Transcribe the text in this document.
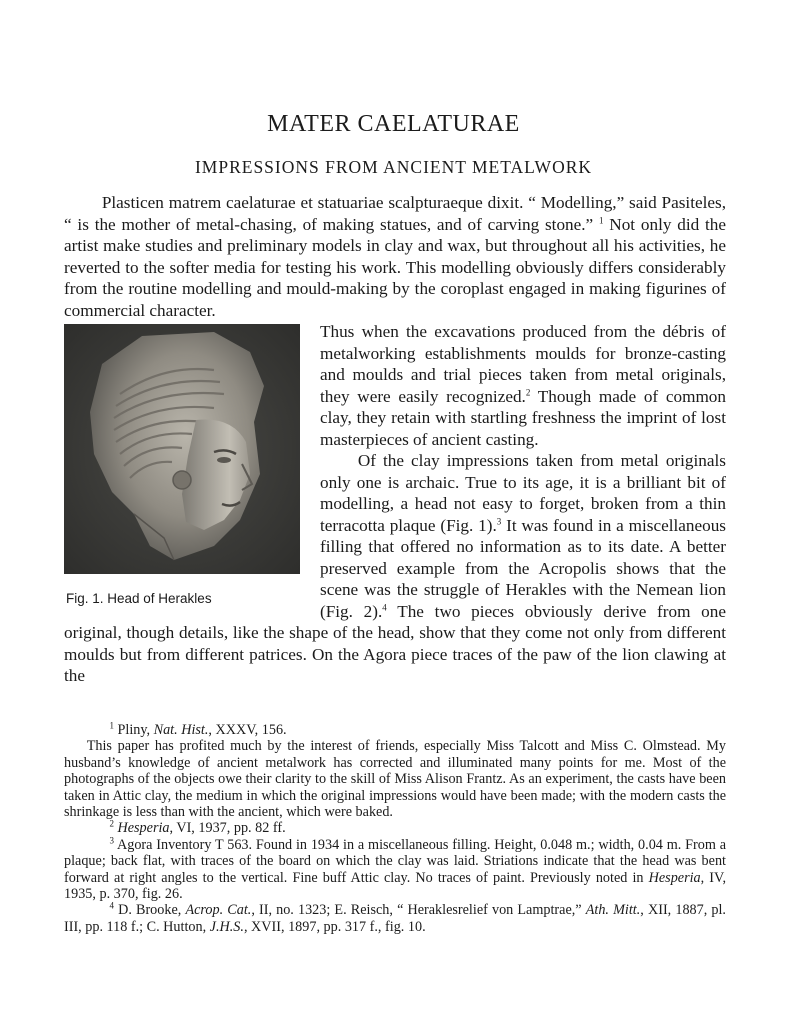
MATER CAELATURAE
IMPRESSIONS FROM ANCIENT METALWORK

Plasticen matrem caelaturae et statuariae scalpturaeque dixit. “ Modelling,” said Pasiteles, “ is the mother of metal-chasing, of making statues, and of carving stone.” $^1$ Not only did the artist make studies and preliminary models in clay and wax, but throughout all his activities, he reverted to the softer media for testing his work. This modelling obviously differs considerably from the routine modelling and mould-making by the coroplast engaged in making figurines of commercial character.

Fig. 1. Head of Herakles

Thus when the excavations produced from the débris of metalworking establishments moulds for bronze-casting and moulds and trial pieces taken from metal originals, they were easily recognized.$^2$ Though made of common clay, they retain with startling freshness the imprint of lost masterpieces of ancient casting.

Of the clay impressions taken from metal originals only one is archaic. True to its age, it is a brilliant bit of modelling, a head not easy to forget, broken from a thin terracotta plaque (Fig. 1).$^3$ It was found in a miscellaneous filling that offered no information as to its date. A better preserved example from the Acropolis shows that the scene was the struggle of Herakles with the Nemean lion (Fig. 2).$^4$ The two pieces obviously derive from one original, though details, like the shape of the head, show that they come not only from different moulds but from different patrices. On the Agora piece traces of the paw of the lion clawing at the

$^1$ Pliny, Nat. Hist., XXXV, 156.

This paper has profited much by the interest of friends, especially Miss Talcott and Miss C. Olmstead. My husband’s knowledge of ancient metalwork has corrected and illuminated many points for me. Most of the photographs of the objects owe their clarity to the skill of Miss Alison Frantz. As an experiment, the casts have been taken in Attic clay, the medium in which the original impressions would have been made; with the modern casts the shrinkage is less than with the ancient, which were baked.

$^2$ Hesperia, VI, 1937, pp. 82 ff.

$^3$ Agora Inventory T 563. Found in 1934 in a miscellaneous filling. Height, 0.048 m.; width, 0.04 m. From a plaque; back flat, with traces of the board on which the clay was laid. Striations indicate that the head was bent forward at right angles to the vertical. Fine buff Attic clay. No traces of paint. Previously noted in Hesperia, IV, 1935, p. 370, fig. 26.

$^4$ D. Brooke, Acrop. Cat., II, no. 1323; E. Reisch, “ Heraklesrelief von Lamptrae,” Ath. Mitt., XII, 1887, pl. III, pp. 118 f.; C. Hutton, J.H.S., XVII, 1897, pp. 317 f., fig. 10.
